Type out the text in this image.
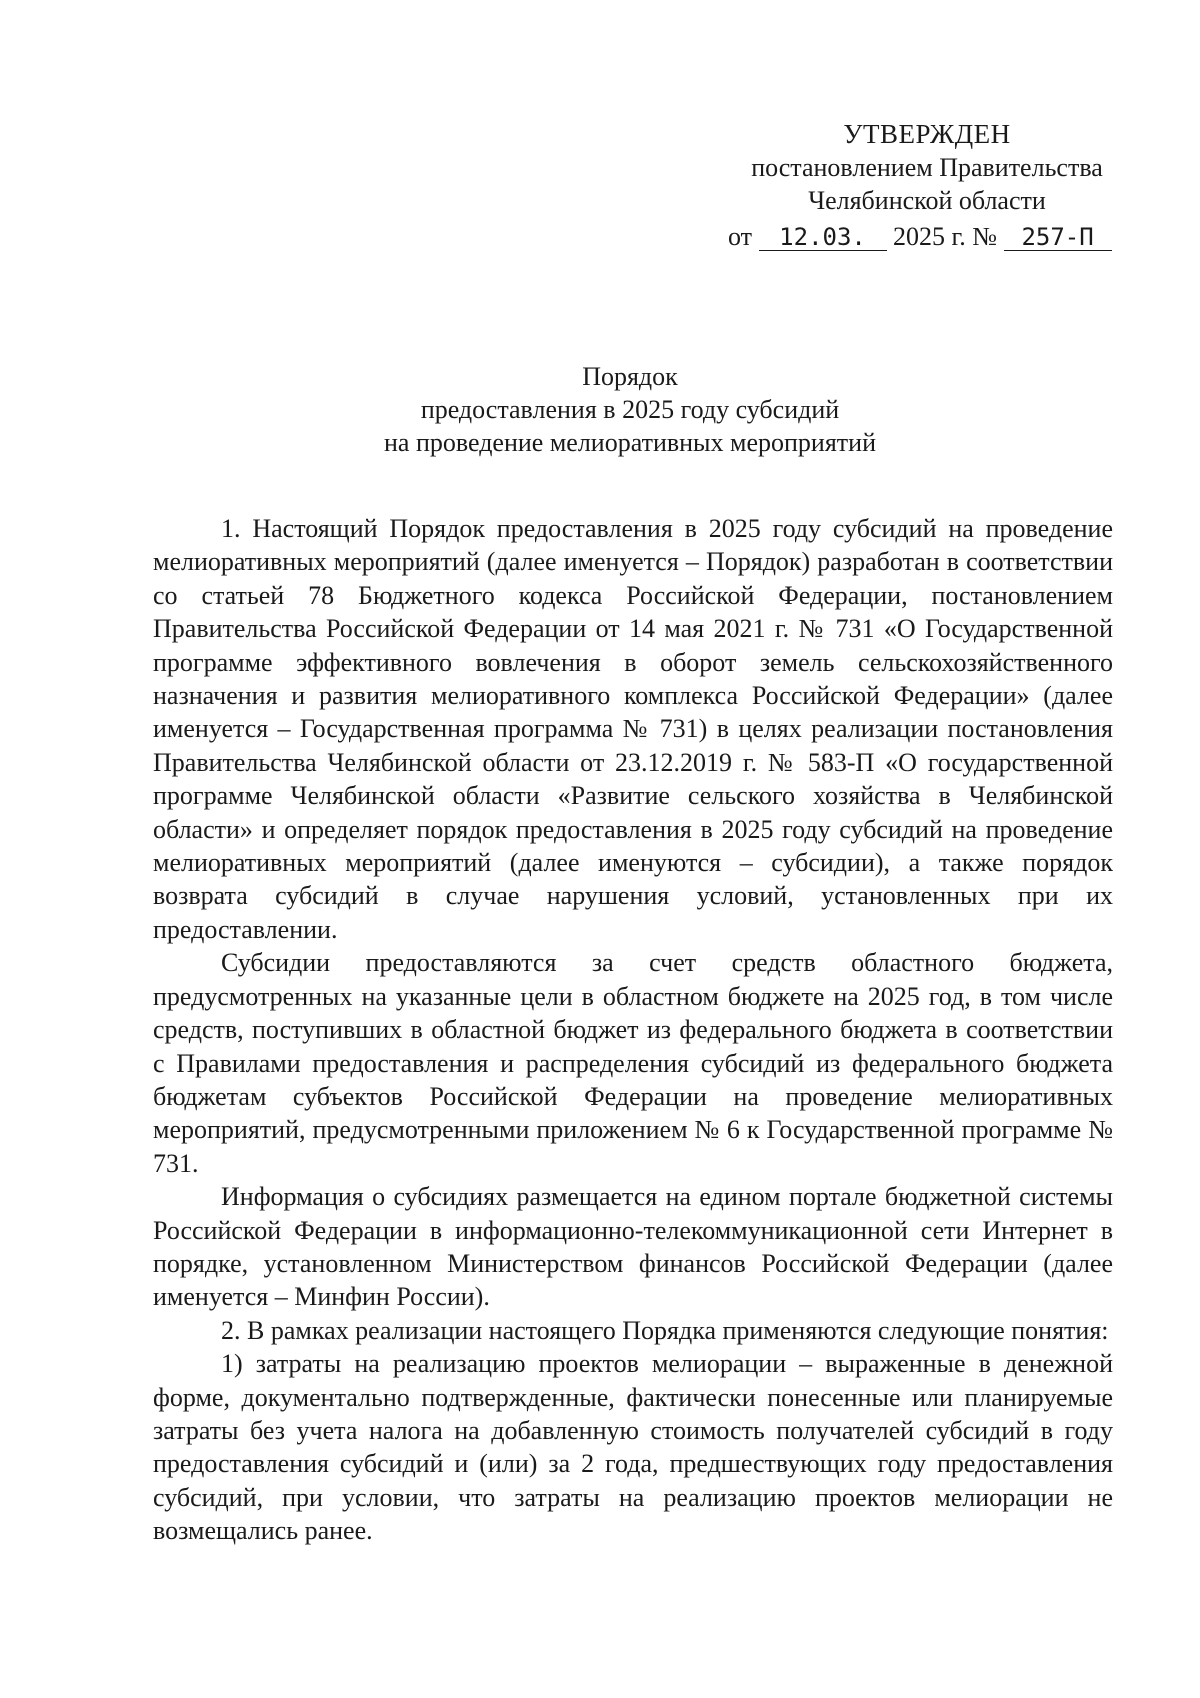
УТВЕРЖДЕН
постановлением Правительства
Челябинской области
от 12.03. 2025 г. № 257-П
Порядок
предоставления в 2025 году субсидий
на проведение мелиоративных мероприятий

1. Настоящий Порядок предоставления в 2025 году субсидий на проведение мелиоративных мероприятий (далее именуется – Порядок) разработан в соответствии со статьей 78 Бюджетного кодекса Российской Федерации, постановлением Правительства Российской Федерации от 14 мая 2021 г. № 731 «О Государственной программе эффективного вовлечения в оборот земель сельскохозяйственного назначения и развития мелиоративного комплекса Российской Федерации» (далее именуется – Государственная программа № 731) в целях реализации постановления Правительства Челябинской области от 23.12.2019 г. № 583-П «О государственной программе Челябинской области «Развитие сельского хозяйства в Челябинской области» и определяет порядок предоставления в 2025 году субсидий на проведение мелиоративных мероприятий (далее именуются – субсидии), а также порядок возврата субсидий в случае нарушения условий, установленных при их предоставлении.

Субсидии предоставляются за счет средств областного бюджета, предусмотренных на указанные цели в областном бюджете на 2025 год, в том числе средств, поступивших в областной бюджет из федерального бюджета в соответствии с Правилами предоставления и распределения субсидий из федерального бюджета бюджетам субъектов Российской Федерации на проведение мелиоративных мероприятий, предусмотренными приложением № 6 к Государственной программе № 731.

Информация о субсидиях размещается на едином портале бюджетной системы Российской Федерации в информационно-телекоммуникационной сети Интернет в порядке, установленном Министерством финансов Российской Федерации (далее именуется – Минфин России).

2. В рамках реализации настоящего Порядка применяются следующие понятия:

1) затраты на реализацию проектов мелиорации – выраженные в денежной форме, документально подтвержденные, фактически понесенные или планируемые затраты без учета налога на добавленную стоимость получателей субсидий в году предоставления субсидий и (или) за 2 года, предшествующих году предоставления субсидий, при условии, что затраты на реализацию проектов мелиорации не возмещались ранее.
